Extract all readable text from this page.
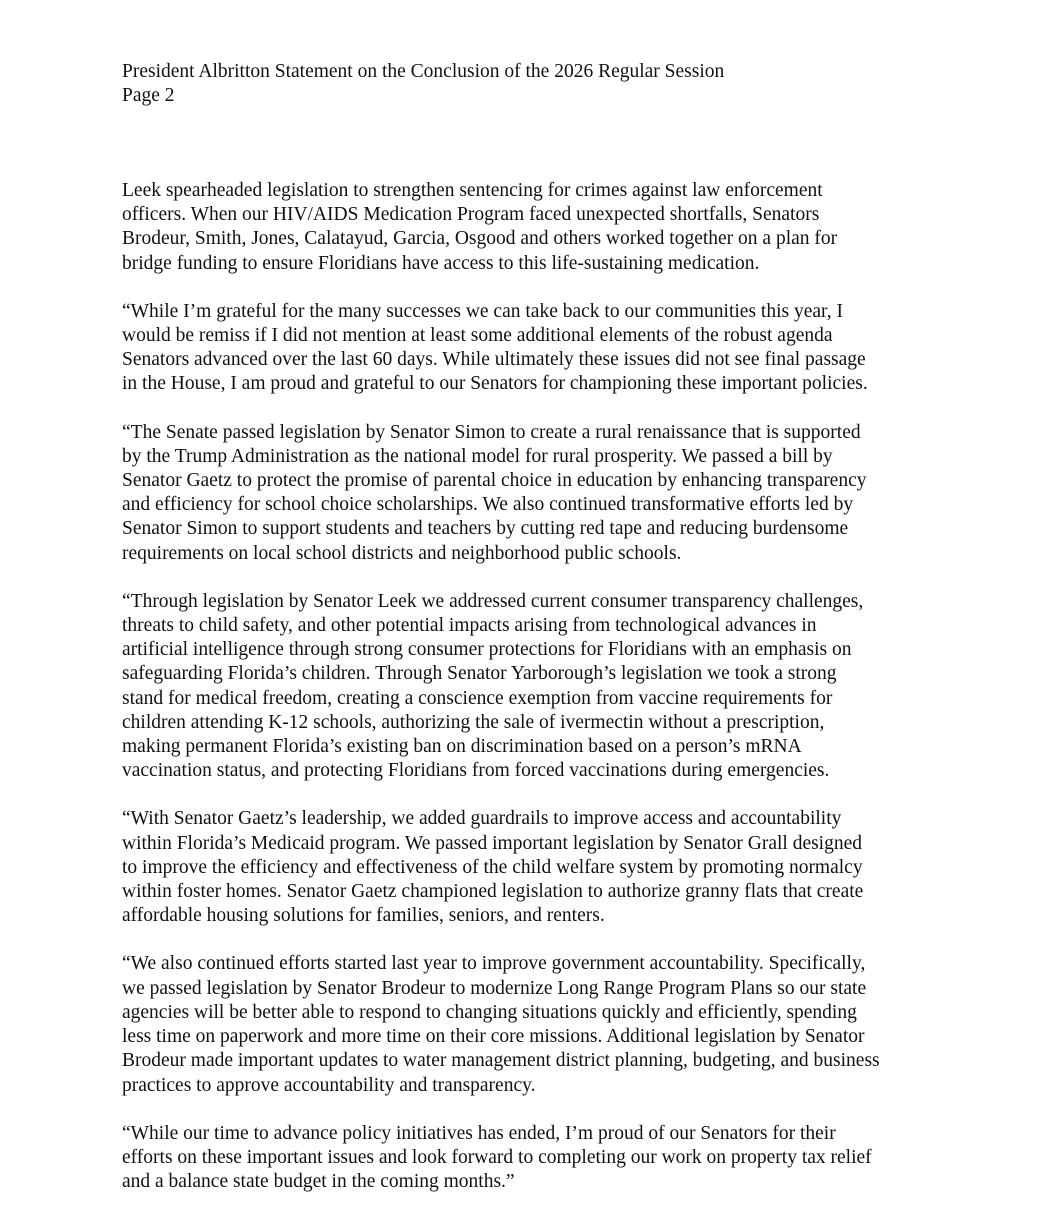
President Albritton Statement on the Conclusion of the 2026 Regular Session
Page 2

Leek spearheaded legislation to strengthen sentencing for crimes against law enforcement
officers. When our HIV/AIDS Medication Program faced unexpected shortfalls, Senators
Brodeur, Smith, Jones, Calatayud, Garcia, Osgood and others worked together on a plan for
bridge funding to ensure Floridians have access to this life-sustaining medication.

“While I’m grateful for the many successes we can take back to our communities this year, I
would be remiss if I did not mention at least some additional elements of the robust agenda
Senators advanced over the last 60 days. While ultimately these issues did not see final passage
in the House, I am proud and grateful to our Senators for championing these important policies.

“The Senate passed legislation by Senator Simon to create a rural renaissance that is supported
by the Trump Administration as the national model for rural prosperity. We passed a bill by
Senator Gaetz to protect the promise of parental choice in education by enhancing transparency
and efficiency for school choice scholarships. We also continued transformative efforts led by
Senator Simon to support students and teachers by cutting red tape and reducing burdensome
requirements on local school districts and neighborhood public schools.

“Through legislation by Senator Leek we addressed current consumer transparency challenges,
threats to child safety, and other potential impacts arising from technological advances in
artificial intelligence through strong consumer protections for Floridians with an emphasis on
safeguarding Florida’s children. Through Senator Yarborough’s legislation we took a strong
stand for medical freedom, creating a conscience exemption from vaccine requirements for
children attending K-12 schools, authorizing the sale of ivermectin without a prescription,
making permanent Florida’s existing ban on discrimination based on a person’s mRNA
vaccination status, and protecting Floridians from forced vaccinations during emergencies.

“With Senator Gaetz’s leadership, we added guardrails to improve access and accountability
within Florida’s Medicaid program. We passed important legislation by Senator Grall designed
to improve the efficiency and effectiveness of the child welfare system by promoting normalcy
within foster homes. Senator Gaetz championed legislation to authorize granny flats that create
affordable housing solutions for families, seniors, and renters.

“We also continued efforts started last year to improve government accountability. Specifically,
we passed legislation by Senator Brodeur to modernize Long Range Program Plans so our state
agencies will be better able to respond to changing situations quickly and efficiently, spending
less time on paperwork and more time on their core missions. Additional legislation by Senator
Brodeur made important updates to water management district planning, budgeting, and business
practices to approve accountability and transparency.

“While our time to advance policy initiatives has ended, I’m proud of our Senators for their
efforts on these important issues and look forward to completing our work on property tax relief
and a balance state budget in the coming months.”
